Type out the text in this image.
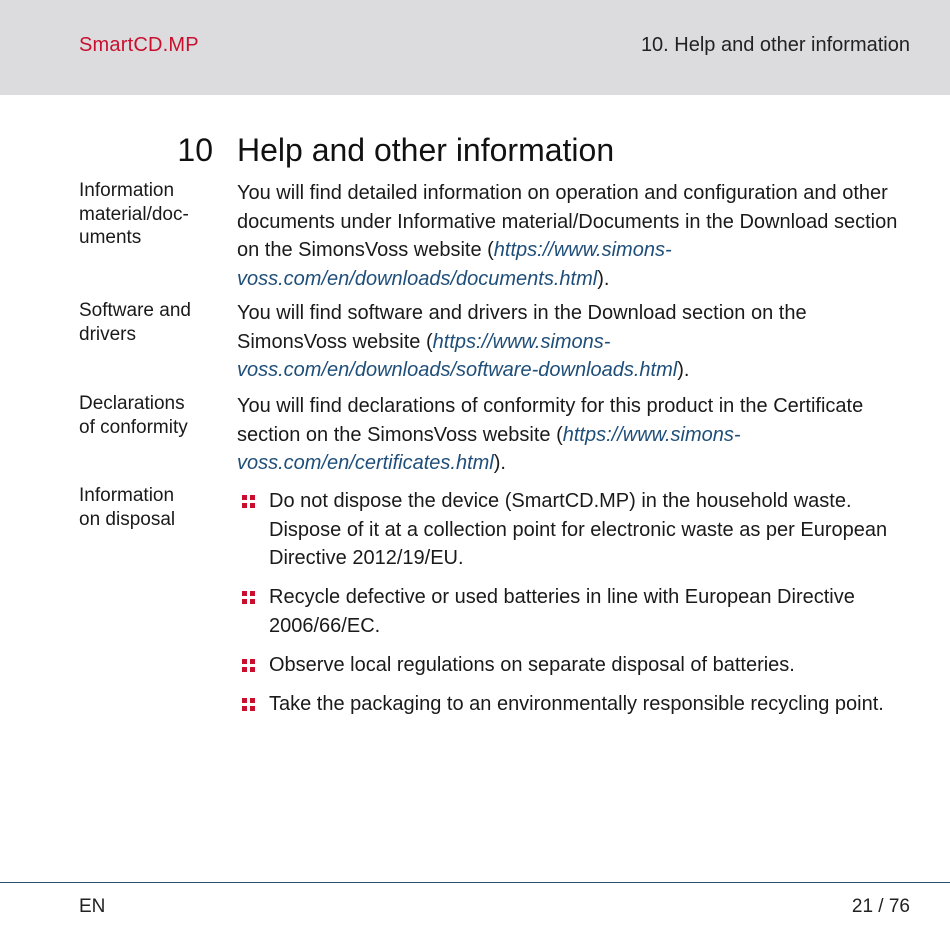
SmartCD.MP	10. Help and other information
10 Help and other information
Information
material/doc-
uments
You will find detailed information on operation and configuration and other documents under Informative material/Documents in the Download section on the SimonsVoss website (https://www.simons-voss.com/en/downloads/documents.html).
Software and
drivers
You will find software and drivers in the Download section on the SimonsVoss website (https://www.simons-voss.com/en/downloads/software-downloads.html).
Declarations
of conformity
You will find declarations of conformity for this product in the Certificate section on the SimonsVoss website (https://www.simons-voss.com/en/certificates.html).
Information
on disposal
Do not dispose the device (SmartCD.MP) in the household waste. Dispose of it at a collection point for electronic waste as per European Directive 2012/19/EU.
Recycle defective or used batteries in line with European Directive 2006/66/EC.
Observe local regulations on separate disposal of batteries.
Take the packaging to an environmentally responsible recycling point.
EN	21 / 76
